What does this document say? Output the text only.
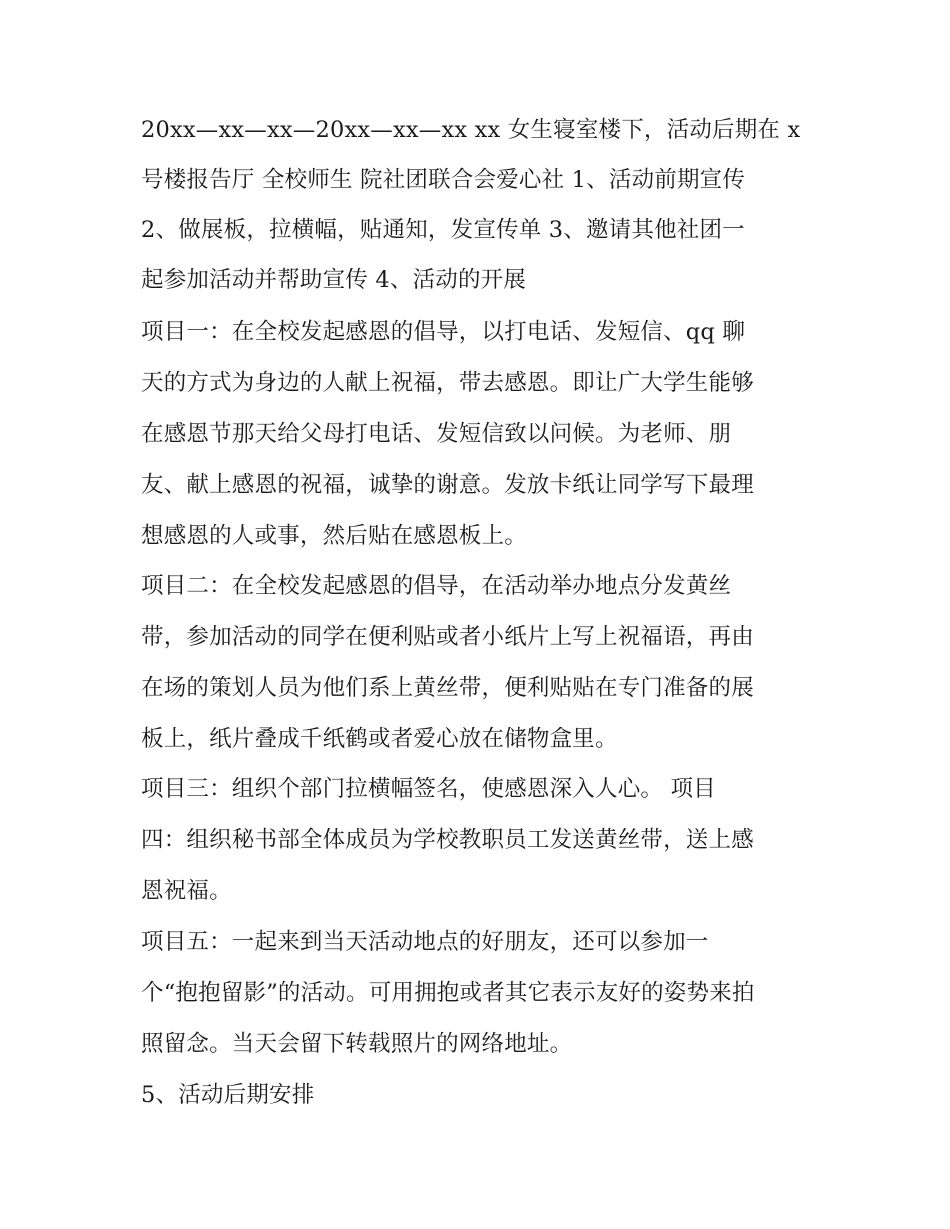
20xx—xx—xx—20xx—xx—xx xx 女生寝室楼下，活动后期在 x
号楼报告厅 全校师生 院社团联合会爱心社 1、活动前期宣传
2、做展板，拉横幅，贴通知，发宣传单 3、邀请其他社团一
起参加活动并帮助宣传 4、活动的开展
项目一：在全校发起感恩的倡导，以打电话、发短信、qq 聊
天的方式为身边的人献上祝福，带去感恩。即让广大学生能够
在感恩节那天给父母打电话、发短信致以问候。为老师、朋
友、献上感恩的祝福，诚挚的谢意。发放卡纸让同学写下最理
想感恩的人或事，然后贴在感恩板上。
项目二：在全校发起感恩的倡导，在活动举办地点分发黄丝
带，参加活动的同学在便利贴或者小纸片上写上祝福语，再由
在场的策划人员为他们系上黄丝带，便利贴贴在专门准备的展
板上，纸片叠成千纸鹤或者爱心放在储物盒里。
项目三：组织个部门拉横幅签名，使感恩深入人心。 项目
四：组织秘书部全体成员为学校教职员工发送黄丝带，送上感
恩祝福。
项目五：一起来到当天活动地点的好朋友，还可以参加一
个“抱抱留影”的活动。可用拥抱或者其它表示友好的姿势来拍
照留念。当天会留下转载照片的网络地址。
5、活动后期安排
